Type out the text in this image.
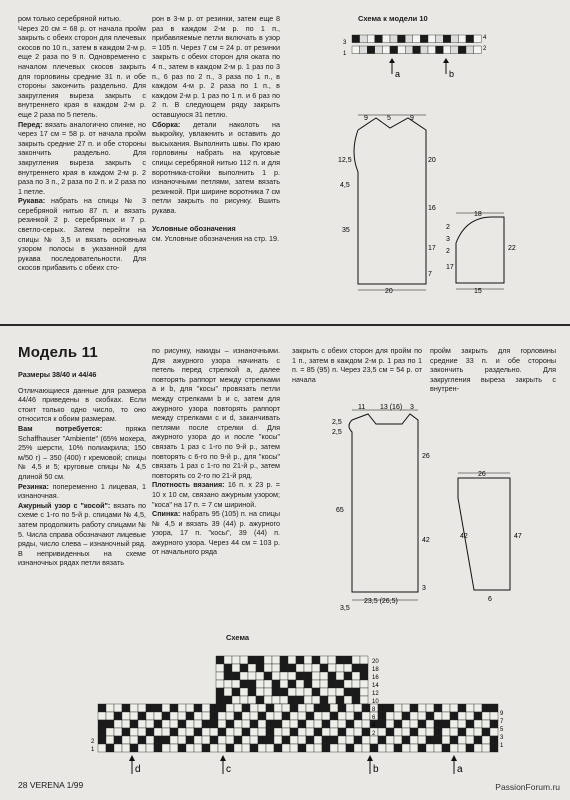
ром только серебряной нитью.

Через 20 см = 68 р. от начала пройм закрыть с обеих сторон для плечевых скосов по 10 п., затем в каждом 2-м р. еще 2 раза по 9 п. Одновременно с началом плечевых скосов закрыть для горловины средние 31 п. и обе стороны закончить раздельно. Для закругления выреза закрыть с внутреннего края в каждом 2-м р. еще 2 раза по 5 петель.

Перед: вязать аналогично спинке, но через 17 см = 58 р. от начала пройм закрыть средние 27 п. и обе стороны закончить раздельно. Для закругления выреза закрыть с внутреннего края в каждом 2-м р. 2 раза по 3 п., 2 раза по 2 п. и 2 раза по 1 петле.

Рукава: набрать на спицы № 3 серебряной нитью 87 п. и вязать резинкой 2 р. серебряных и 7 р. светло-серых. Затем перейти на спицы № 3,5 и вязать основным узором полосы в указанной для рукава последовательности. Для скосов прибавить с обеих сто-

рон в 3-м р. от резинки, затем еще 8 раз в каждом 2-м р. по 1 п., прибавляемые петли включать в узор = 105 п. Через 7 см = 24 р. от резинки закрыть с обеих сторон для оката по 4 п., затем в каждом 2-м р. 1 раз по 3 п., 6 раз по 2 п., 3 раза по 1 п., в каждом 4-м р. 2 раза по 1 п., в каждом 2-м р. 1 раз по 1 п. и 6 раз по 2 п. В следующем ряду закрыть оставшуюся 31 петлю.

Сборка: детали наколоть на выкройку, увлажнить и оставить до высыхания. Выполнить швы. По краю горловины набрать на круговые спицы серебряной нитью 112 п. и для воротника-стойки выполнить 1 р. изнаночными петлями, затем вязать резинкой. При ширине воротника 7 см петли закрыть по рисунку. Вшить рукава.

Условные обозначения
см. Условные обозначения на стр. 19.

Схема к модели 10
4
2
3
1
a	b
9	5	9
12,5	20
4,5
35
16
17
7
20
18
2
3
22
2
17
15
Модель 11

Размеры 38/40 и 44/46

Отличающиеся данные для размера 44/46 приведены в скобках. Если стоит только одно число, то оно относится к обоим размерам.

Вам потребуется:	пряжа Schaffhauser "Ambiente" (65% мохера, 25% шерсти, 10% полиакрила; 150 м/50 г) – 350 (400) г кремовой; спицы № 4,5 и 5; круговые спицы № 4,5 длиной 50 см.

Резинка: попеременно 1 лицевая, 1 изнаночная.

Ажурный узор с "косой": вязать по схеме с 1-го по 5-й р. спицами № 4,5, затем продолжить работу спицами № 5. Числа справа обозначают лицевые ряды, число слева – изнаночный ряд. В непривиденных на схеме изнаночных рядах петли вязать

по рисунку, накиды – изнаночными. Для ажурного узора начинать с петель перед стрелкой a, далее повторять раппорт между стрелками a и b, для "косы" провязать петли между стрелками b и c, затем для ажурного узора повторять раппорт между стрелками c и d, заканчивать петлями после стрелки d. Для ажурного узора до и после "косы" связать 1 раз с 1-го по 9-й р., затем повторять с 6-го по 9-й р., для "косы" связать 1 раз с 1-го по 21-й р., затем повторять со 2-го по 21-й ряд.

Плотность вязания: 16 п. х 23 р. = 10 х 10 см, связано ажурным узором; "коса" на 17 п. = 7 см шириной.

Спинка: набрать 95 (105) п. на спицы № 4,5 и вязать 39 (44) р. ажурного узора, 17 п. "косы", 39 (44) п. ажурного узора. Через 44 см = 103 р. от начального ряда

закрыть с обеих сторон для пройм по 1 п., затем в каждом 2-м р. 1 раз по 1 п. = 85 (95) п. Через 23,5 см = 54 р. от начала

пройм закрыть для горловины средние 33 п. и обе стороны закончить раздельно. Для закругления выреза закрыть с внутрен-

11 13 (16) 3
2,5
2,5
26
65
42
3
23,5 (26,5)
3,5
26
47
42
6
Схема
20
18
16
14
12
10
8
6
4
2
9
7
5
3
1
2
1
d	c	b	a
28 VERENA 1/99	PassionForum.ru
